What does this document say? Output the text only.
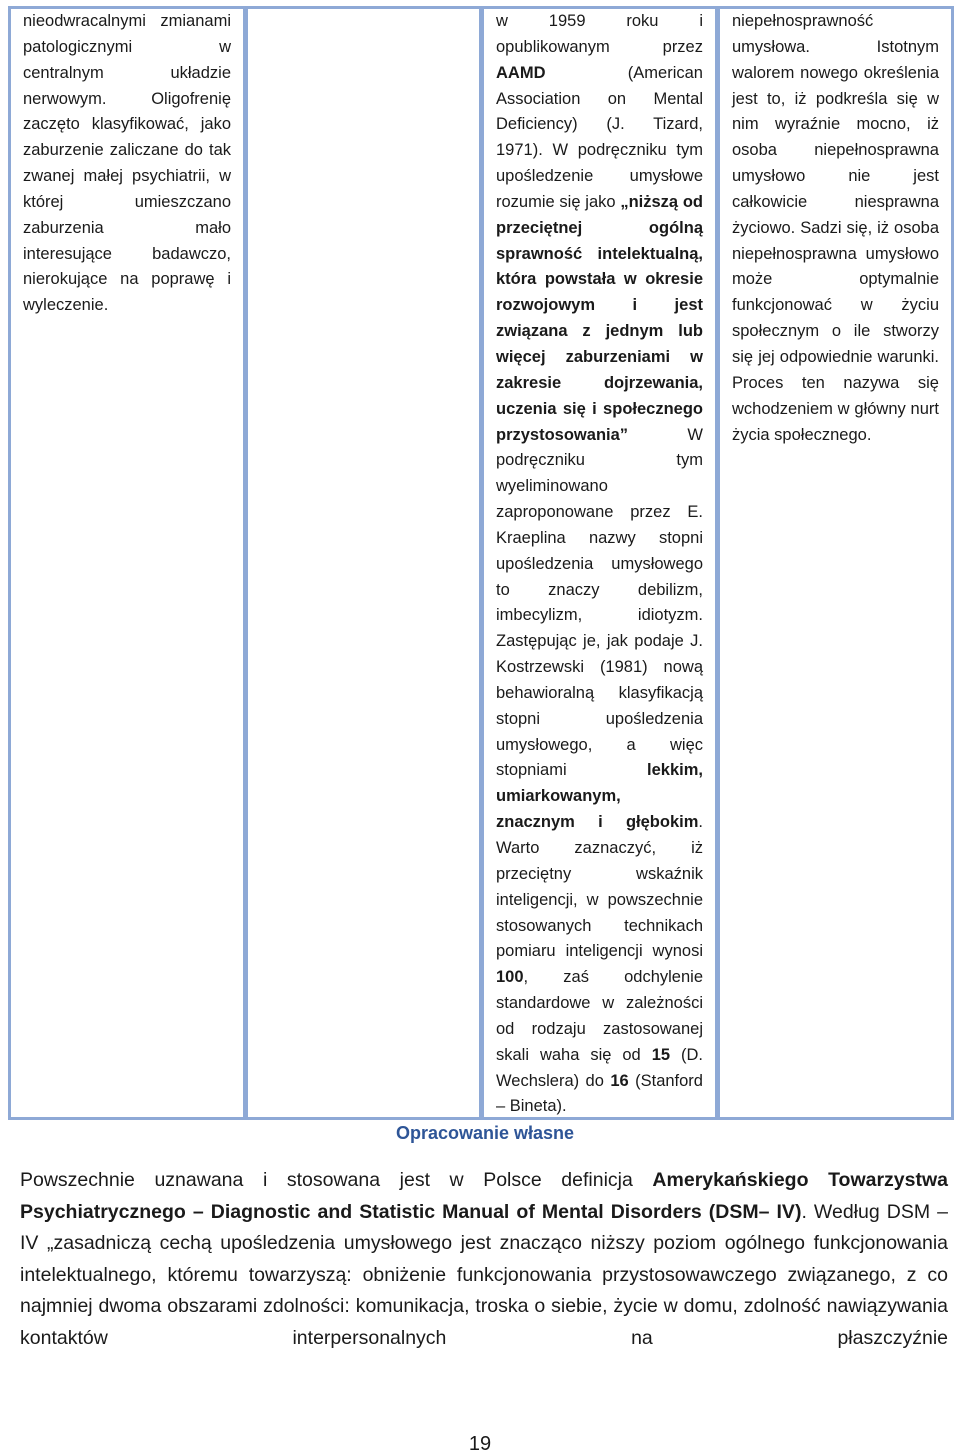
nieodwracalnymi zmianami patologicznymi w centralnym układzie nerwowym. Oligofrenię zaczęto klasyfikować, jako zaburzenie zaliczane do tak zwanej małej psychiatrii, w której umieszczano zaburzenia mało interesujące badawczo, nierokujące na poprawę i wyleczenie.

w 1959 roku i opublikowanym przez AAMD (American Association on Mental Deficiency) (J. Tizard, 1971). W podręczniku tym upośledzenie umysłowe rozumie się jako „niższą od przeciętnej ogólną sprawność intelektualną, która powstała w okresie rozwojowym i jest związana z jednym lub więcej zaburzeniami w zakresie dojrzewania, uczenia się i społecznego przystosowania” W podręczniku tym wyeliminowano zaproponowane przez E. Kraeplina nazwy stopni upośledzenia umysłowego to znaczy debilizm, imbecylizm, idiotyzm. Zastępując je, jak podaje J. Kostrzewski (1981) nową behawioralną klasyfikacją stopni upośledzenia umysłowego, a więc stopniami lekkim, umiarkowanym, znacznym i głębokim. Warto zaznaczyć, iż przeciętny wskaźnik inteligencji, w powszechnie stosowanych technikach pomiaru inteligencji wynosi 100, zaś odchylenie standardowe w zależności od rodzaju zastosowanej skali waha się od 15 (D. Wechslera) do 16 (Stanford – Bineta).

niepełnosprawność umysłowa. Istotnym walorem nowego określenia jest to, iż podkreśla się w nim wyraźnie mocno, iż osoba niepełnosprawna umysłowo nie jest całkowicie niesprawna życiowo. Sadzi się, iż osoba niepełnosprawna umysłowo może optymalnie funkcjonować w życiu społecznym o ile stworzy się jej odpowiednie warunki. Proces ten nazywa się wchodzeniem w główny nurt życia społecznego.

Opracowanie własne

Powszechnie uznawana i stosowana jest w Polsce definicja Amerykańskiego Towarzystwa Psychiatrycznego – Diagnostic and Statistic Manual of Mental Disorders (DSM– IV). Według DSM – IV „zasadniczą cechą upośledzenia umysłowego jest znacząco niższy poziom ogólnego funkcjonowania intelektualnego, któremu towarzyszą: obniżenie funkcjonowania przystosowawczego związanego, z co najmniej dwoma obszarami zdolności: komunikacja, troska o siebie, życie w domu, zdolność nawiązywania kontaktów interpersonalnych na płaszczyźnie

19
